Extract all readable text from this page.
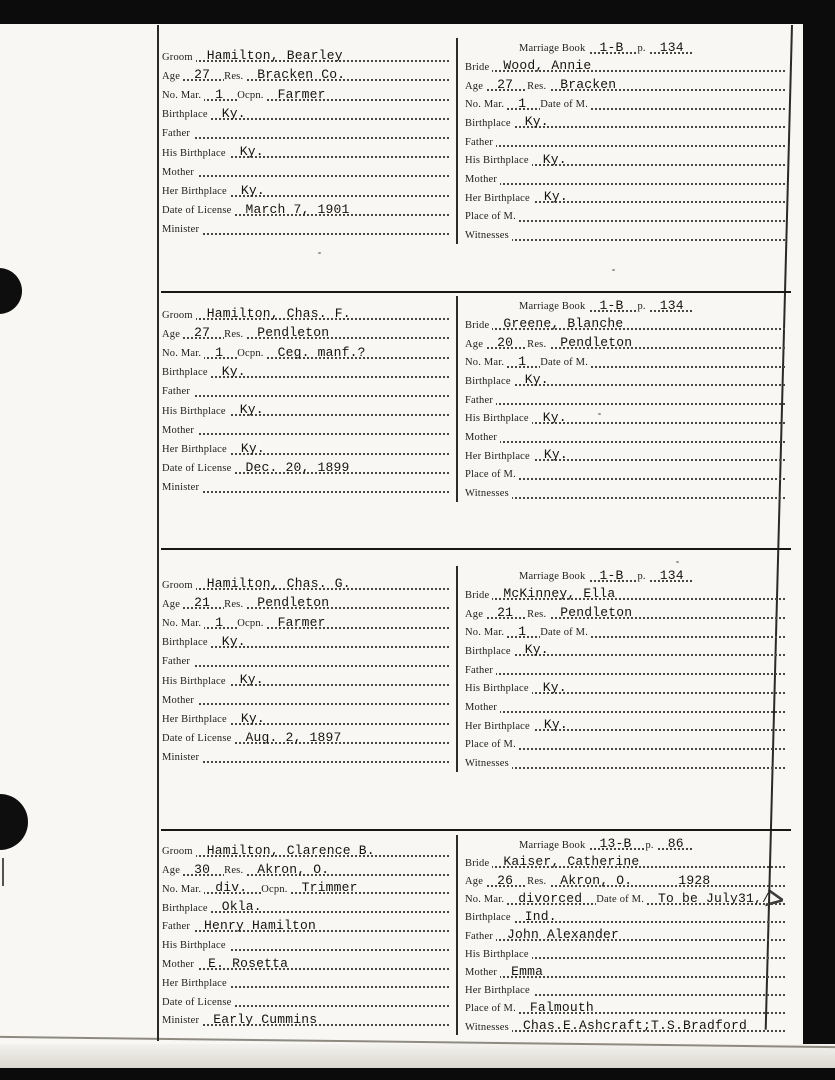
>
Groom Hamilton, Bearley
Age 27 Res. Bracken Co.
No. Mar. 1 Ocpn. Farmer
Birthplace Ky.
Father
His Birthplace Ky.
Mother
Her Birthplace Ky.
Date of License March 7, 1901
Minister
Marriage Book 1-B p. 134
Bride Wood, Annie
Age 27 Res. Bracken
No. Mar. 1 Date of M.
Birthplace Ky.
Father
His Birthplace Ky.
Mother
Her Birthplace Ky.
Place of M.
Witnesses
Groom Hamilton, Chas. F.
Age 27 Res. Pendleton
No. Mar. 1 Ocpn. Ceg. manf.?
Birthplace Ky.
Father
His Birthplace Ky.
Mother
Her Birthplace Ky.
Date of License Dec. 20, 1899
Minister
Marriage Book 1-B p. 134
Bride Greene, Blanche
Age 20 Res. Pendleton
No. Mar. 1 Date of M.
Birthplace Ky.
Father
His Birthplace Ky.
Mother
Her Birthplace Ky.
Place of M.
Witnesses
Groom Hamilton, Chas. G.
Age 21 Res. Pendleton
No. Mar. 1 Ocpn. Farmer
Birthplace Ky.
Father
His Birthplace Ky.
Mother
Her Birthplace Ky.
Date of License Aug. 2, 1897
Minister
Marriage Book 1-B p. 134
Bride McKinney, Ella
Age 21 Res. Pendleton
No. Mar. 1 Date of M.
Birthplace Ky.
Father
His Birthplace Ky.
Mother
Her Birthplace Ky.
Place of M.
Witnesses
Groom Hamilton, Clarence B.
Age 30 Res. Akron, O.
No. Mar. div. Ocpn. Trimmer
Birthplace Okla.
Father Henry Hamilton
His Birthplace
Mother E. Rosetta
Her Birthplace
Date of License
Minister Early Cummins
Marriage Book 13-B p. 86
Bride Kaiser, Catherine
Age 26 Res. Akron, O.	1928
No. Mar. divorced Date of M. To be July31,/
Birthplace Ind.
Father John Alexander
His Birthplace
Mother Emma
Her Birthplace
Place of M. Falmouth
Witnesses Chas.E.Ashcraft;T.S.Bradford
